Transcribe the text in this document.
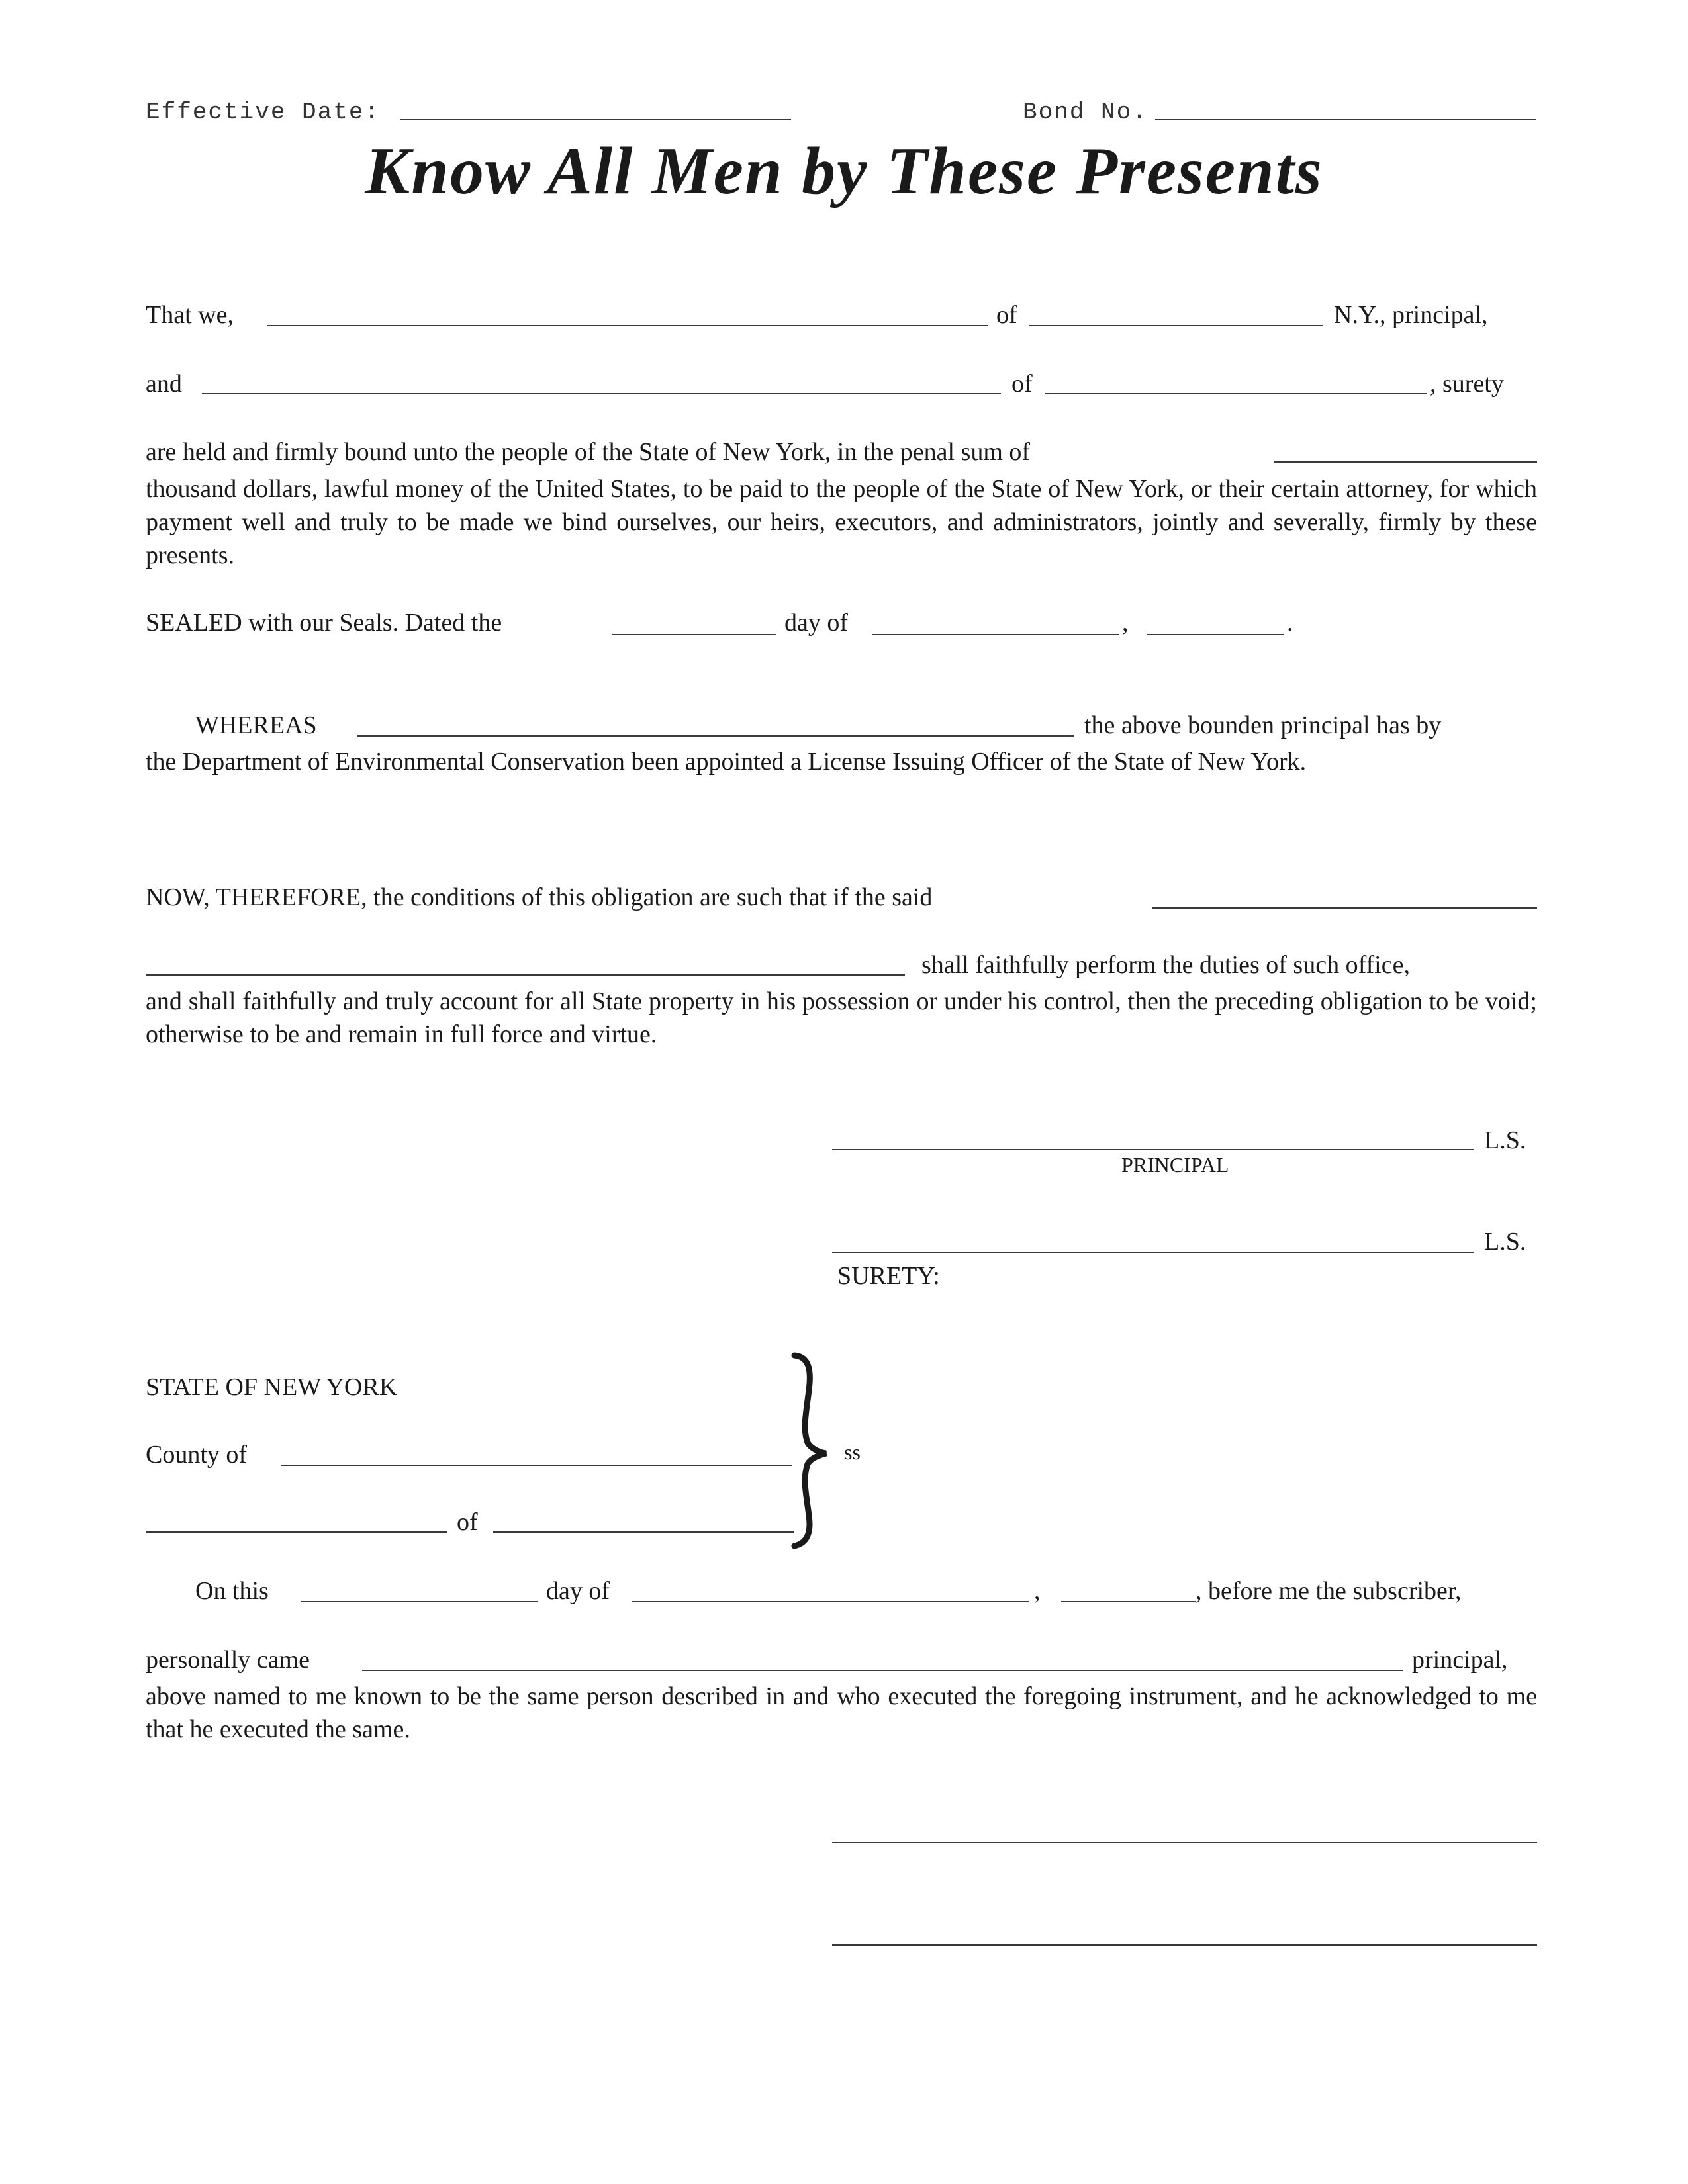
Effective Date:	Bond No.
Know All Men by These Presents
That we,	of	N.Y., principal,
and	of	, surety
are held and firmly bound unto the people of the State of New York, in the penal sum of
thousand dollars, lawful money of the United States, to be paid to the people of the State of New York, or their certain attorney, for which payment well and truly to be made we bind ourselves, our heirs, executors, and administrators, jointly and severally, firmly by these presents.
SEALED with our Seals. Dated the	day of	,	.
WHEREAS	the above bounden principal has by
the Department of Environmental Conservation been appointed a License Issuing Officer of the State of New York.
NOW, THEREFORE, the conditions of this obligation are such that if the said
shall faithfully perform the duties of such office,
and shall faithfully and truly account for all State property in his possession or under his control, then the preceding obligation to be void; otherwise to be and remain in full force and virtue.
L.S.
PRINCIPAL
L.S.
SURETY:
STATE OF NEW YORK
County of
of
ss
On this	day of	,	, before me the subscriber,
personally came	principal,
above named to me known to be the same person described in and who executed the foregoing instrument, and he acknowledged to me that he executed the same.
